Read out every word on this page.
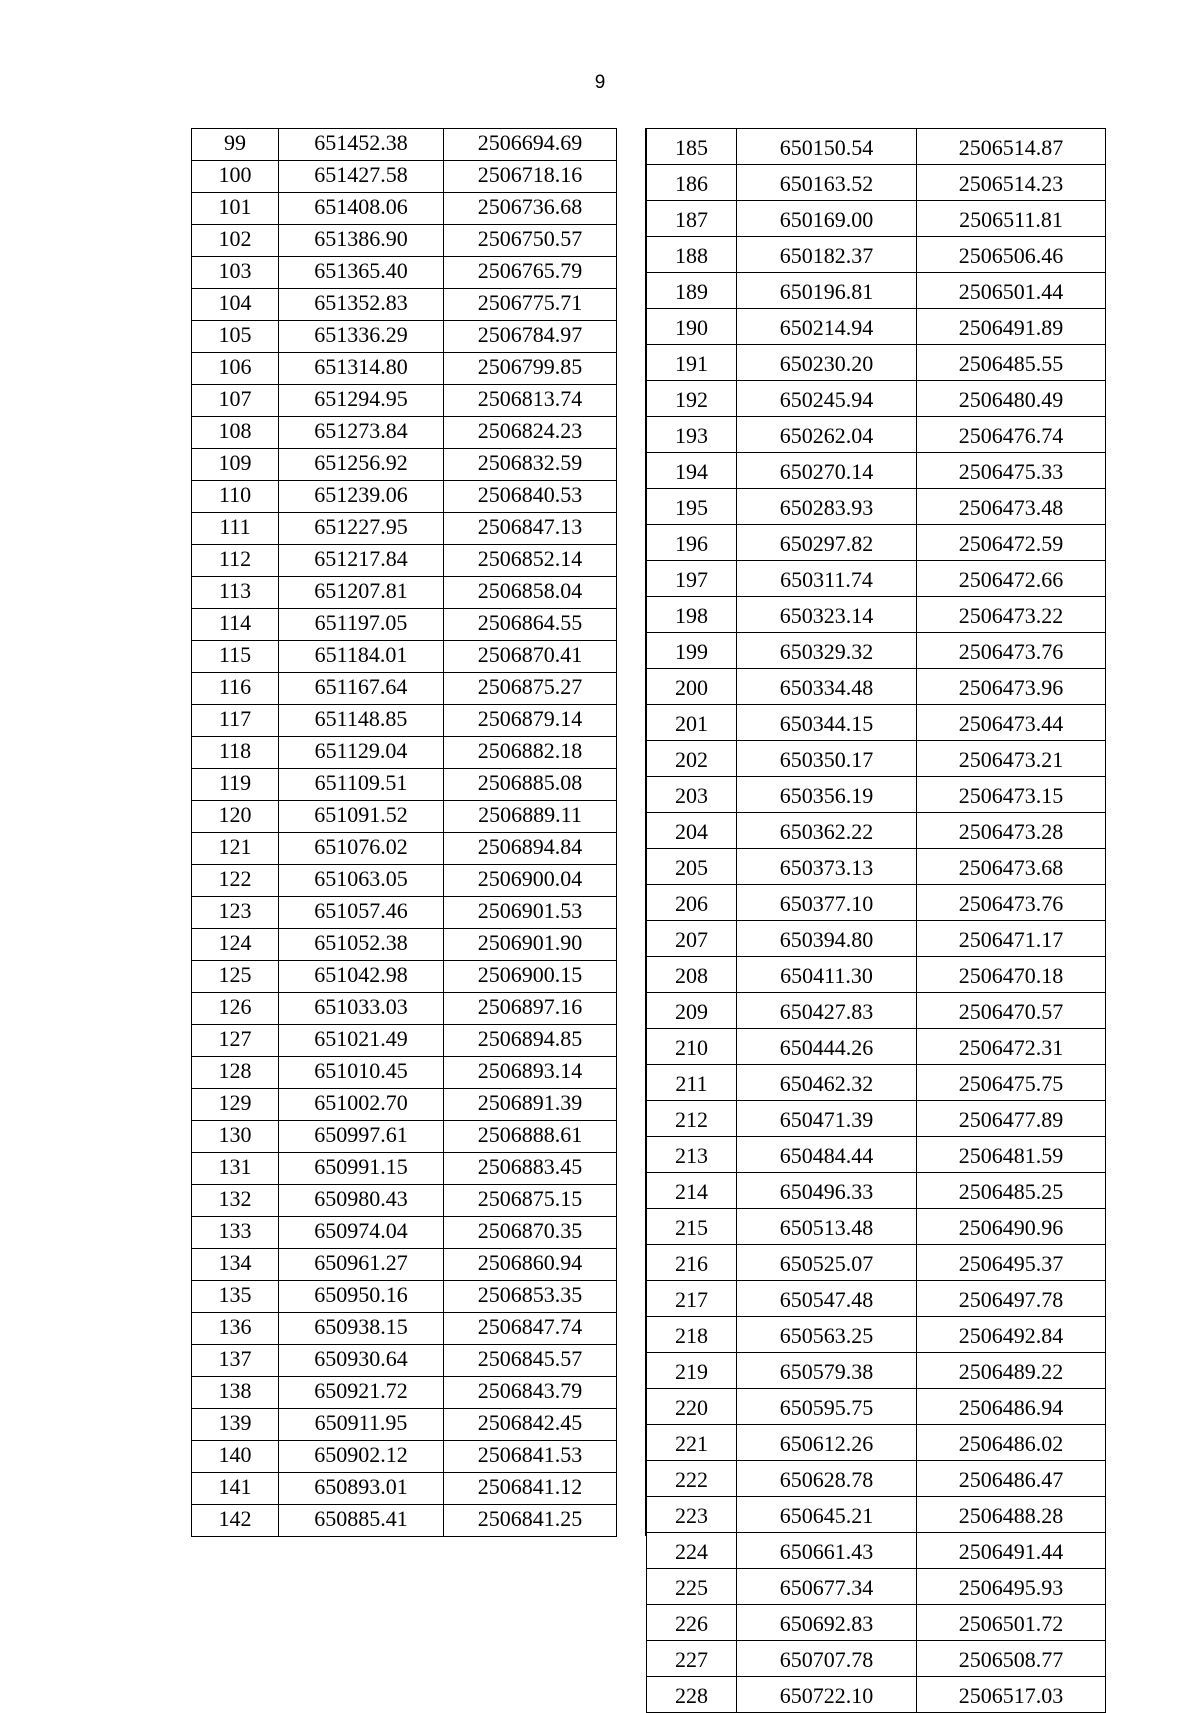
9
99	651452.38	2506694.69
100	651427.58	2506718.16
101	651408.06	2506736.68
102	651386.90	2506750.57
103	651365.40	2506765.79
104	651352.83	2506775.71
105	651336.29	2506784.97
106	651314.80	2506799.85
107	651294.95	2506813.74
108	651273.84	2506824.23
109	651256.92	2506832.59
110	651239.06	2506840.53
111	651227.95	2506847.13
112	651217.84	2506852.14
113	651207.81	2506858.04
114	651197.05	2506864.55
115	651184.01	2506870.41
116	651167.64	2506875.27
117	651148.85	2506879.14
118	651129.04	2506882.18
119	651109.51	2506885.08
120	651091.52	2506889.11
121	651076.02	2506894.84
122	651063.05	2506900.04
123	651057.46	2506901.53
124	651052.38	2506901.90
125	651042.98	2506900.15
126	651033.03	2506897.16
127	651021.49	2506894.85
128	651010.45	2506893.14
129	651002.70	2506891.39
130	650997.61	2506888.61
131	650991.15	2506883.45
132	650980.43	2506875.15
133	650974.04	2506870.35
134	650961.27	2506860.94
135	650950.16	2506853.35
136	650938.15	2506847.74
137	650930.64	2506845.57
138	650921.72	2506843.79
139	650911.95	2506842.45
140	650902.12	2506841.53
141	650893.01	2506841.12
142	650885.41	2506841.25

185	650150.54	2506514.87
186	650163.52	2506514.23
187	650169.00	2506511.81
188	650182.37	2506506.46
189	650196.81	2506501.44
190	650214.94	2506491.89
191	650230.20	2506485.55
192	650245.94	2506480.49
193	650262.04	2506476.74
194	650270.14	2506475.33
195	650283.93	2506473.48
196	650297.82	2506472.59
197	650311.74	2506472.66
198	650323.14	2506473.22
199	650329.32	2506473.76
200	650334.48	2506473.96
201	650344.15	2506473.44
202	650350.17	2506473.21
203	650356.19	2506473.15
204	650362.22	2506473.28
205	650373.13	2506473.68
206	650377.10	2506473.76
207	650394.80	2506471.17
208	650411.30	2506470.18
209	650427.83	2506470.57
210	650444.26	2506472.31
211	650462.32	2506475.75
212	650471.39	2506477.89
213	650484.44	2506481.59
214	650496.33	2506485.25
215	650513.48	2506490.96
216	650525.07	2506495.37
217	650547.48	2506497.78
218	650563.25	2506492.84
219	650579.38	2506489.22
220	650595.75	2506486.94
221	650612.26	2506486.02
222	650628.78	2506486.47
223	650645.21	2506488.28
224	650661.43	2506491.44
225	650677.34	2506495.93
226	650692.83	2506501.72
227	650707.78	2506508.77
228	650722.10	2506517.03
